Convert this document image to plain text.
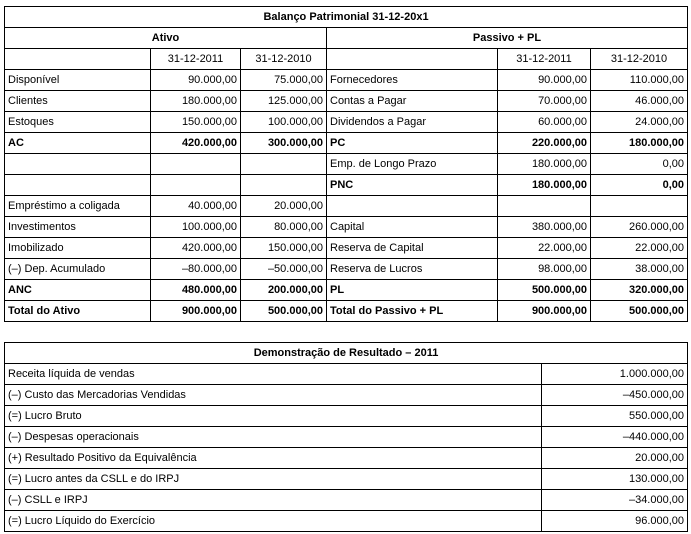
Balanço Patrimonial 31-12-20x1					
Ativo			Passivo + PL		
	31-12-2011	31-12-2010		31-12-2011	31-12-2010
Disponível	90.000,00	75.000,00	Fornecedores	90.000,00	110.000,00
Clientes	180.000,00	125.000,00	Contas a Pagar	70.000,00	46.000,00
Estoques	150.000,00	100.000,00	Dividendos a Pagar	60.000,00	24.000,00
AC	420.000,00	300.000,00	PC	220.000,00	180.000,00
			Emp. de Longo Prazo	180.000,00	0,00
			PNC	180.000,00	0,00
Empréstimo a coligada	40.000,00	20.000,00			
Investimentos	100.000,00	80.000,00	Capital	380.000,00	260.000,00
Imobilizado	420.000,00	150.000,00	Reserva de Capital	22.000,00	22.000,00
(–) Dep. Acumulado	–80.000,00	–50.000,00	Reserva de Lucros	98.000,00	38.000,00
ANC	480.000,00	200.000,00	PL	500.000,00	320.000,00
Total do Ativo	900.000,00	500.000,00	Total do Passivo + PL	900.000,00	500.000,00
Demonstração de Resultado – 2011	
Receita líquida de vendas	1.000.000,00
(–) Custo das Mercadorias Vendidas	–450.000,00
(=) Lucro Bruto	550.000,00
(–) Despesas operacionais	–440.000,00
(+) Resultado Positivo da Equivalência	20.000,00
(=) Lucro antes da CSLL e do IRPJ	130.000,00
(–) CSLL e IRPJ	–34.000,00
(=) Lucro Líquido do Exercício	96.000,00
